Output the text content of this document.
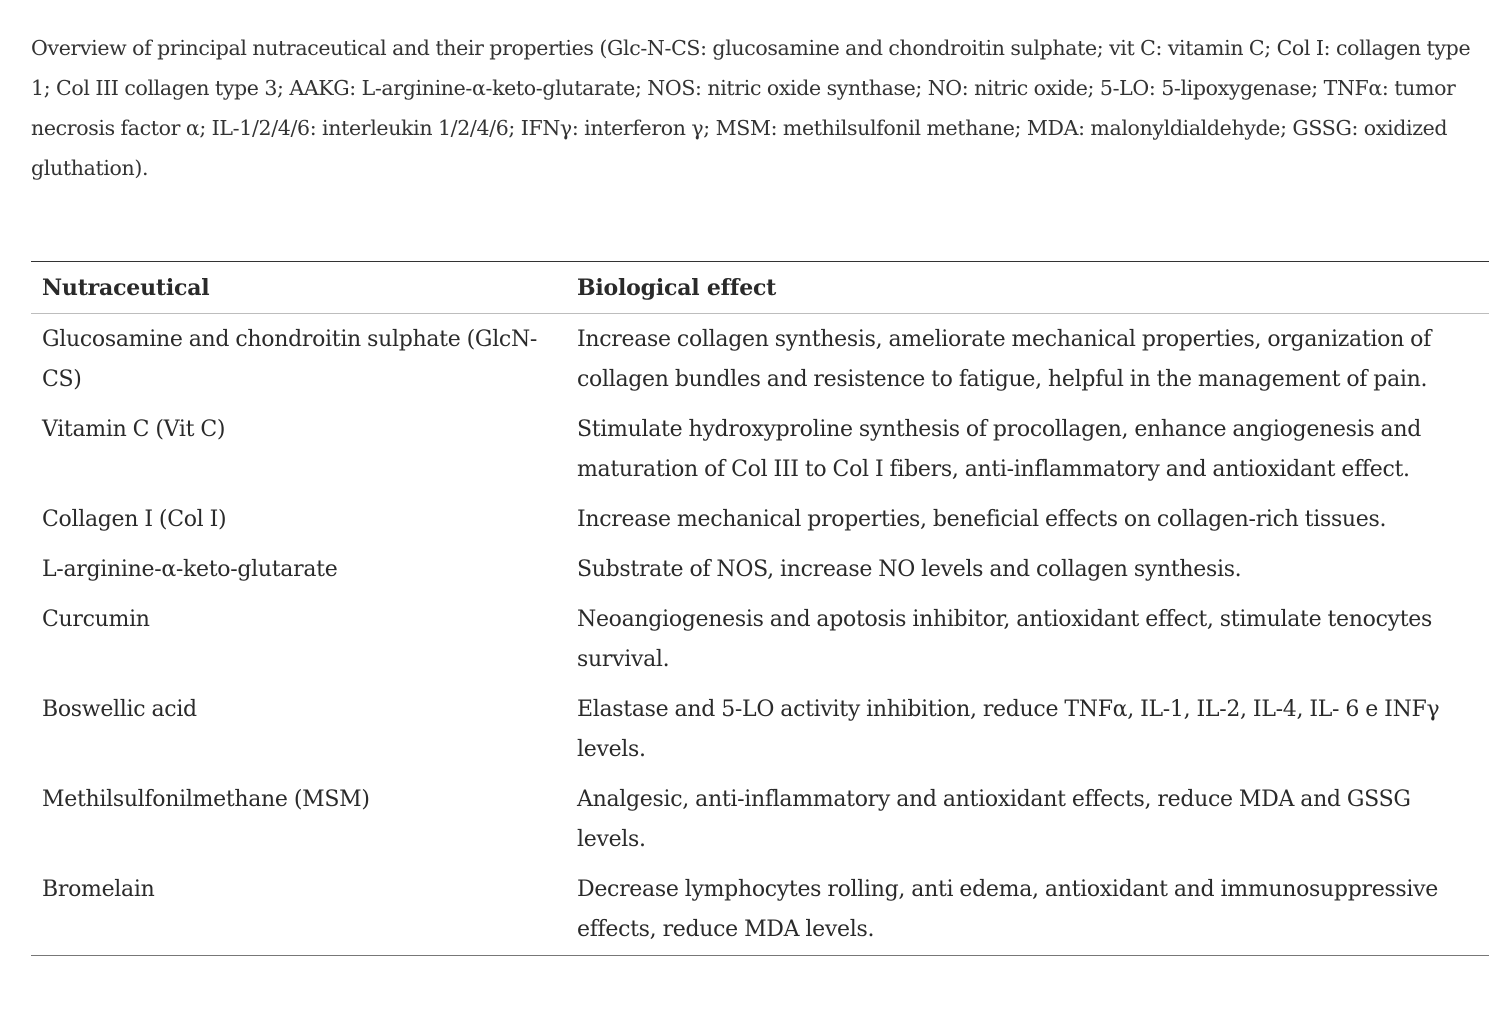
Overview of principal nutraceutical and their properties (Glc-N-CS: glucosamine and chondroitin sulphate; vit C: vitamin C; Col I: collagen type 1; Col III collagen type 3; AAKG: L-arginine-α-keto-glutarate; NOS: nitric oxide synthase; NO: nitric oxide; 5-LO: 5-lipoxygenase; TNFα: tumor necrosis factor α; IL-1/2/4/6: interleukin 1/2/4/6; IFNγ: interferon γ; MSM: methilsulfonil methane; MDA: malonyldialdehyde; GSSG: oxidized gluthation).

Nutraceutical	Biological effect
Glucosamine and chondroitin sulphate (GlcN-CS)	Increase collagen synthesis, ameliorate mechanical properties, organization of collagen bundles and resistence to fatigue, helpful in the management of pain.
Vitamin C (Vit C)	Stimulate hydroxyproline synthesis of procollagen, enhance angiogenesis and maturation of Col III to Col I fibers, anti-inflammatory and antioxidant effect.
Collagen I (Col I)	Increase mechanical properties, beneficial effects on collagen-rich tissues.
L-arginine-α-keto-glutarate	Substrate of NOS, increase NO levels and collagen synthesis.
Curcumin	Neoangiogenesis and apotosis inhibitor, antioxidant effect, stimulate tenocytes survival.
Boswellic acid	Elastase and 5-LO activity inhibition, reduce TNFα, IL-1, IL-2, IL-4, IL- 6 e INFγ levels.
Methilsulfonilmethane (MSM)	Analgesic, anti-inflammatory and antioxidant effects, reduce MDA and GSSG levels.
Bromelain	Decrease lymphocytes rolling, anti edema, antioxidant and immunosuppressive effects, reduce MDA levels.
